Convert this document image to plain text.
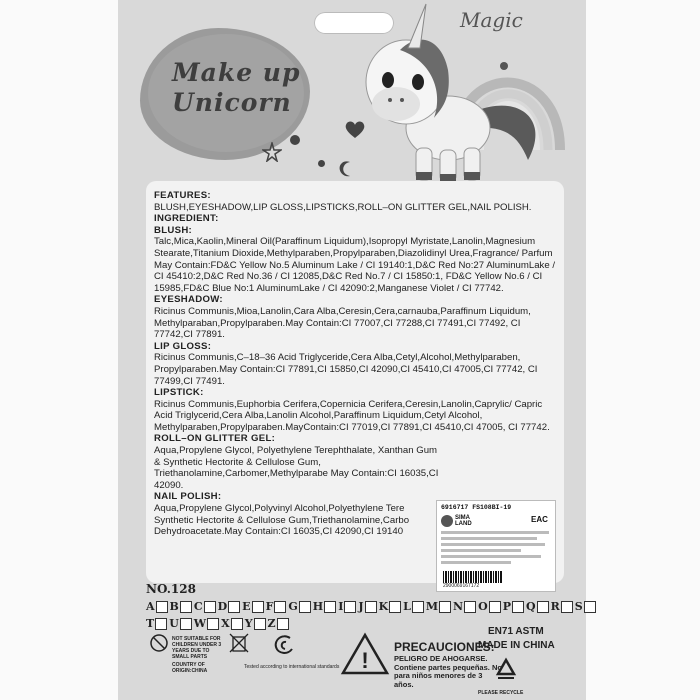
Make up
Unicorn
Magic
FEATURES:
BLUSH,EYESHADOW,LIP GLOSS,LIPSTICKS,ROLL–ON GLITTER GEL,NAIL POLISH.
INGREDIENT:
BLUSH:
Talc,Mica,Kaolin,Mineral Oil(Paraffinum Liquidum),Isopropyl Myristate,Lanolin,Magnesium Stearate,Titanium Dioxide,Methylparaben,Propylparaben,Diazolidinyl Urea,Fragrance/ Parfum May Contain:FD&C Yellow No.5 Aluminum Lake / CI 19140:1,D&C Red No:27 AluminumLake / CI 45410:2,D&C Red No.36 / CI 12085,D&C Red No.7 / CI 15850:1, FD&C Yellow No.6 / CI 15985,FD&C Blue No:1 AluminumLake / CI 42090:2,Manganese Violet / CI 77742.
EYESHADOW:
Ricinus Communis,Mioa,Lanolin,Cara Alba,Ceresin,Cera,carnauba,Paraffinum Liquidum, Methylparaban,Propylparaben.May Contain:CI 77007,CI 77288,CI 77491,CI 77492, CI 77742,CI 77891.
LIP GLOSS:
Ricinus Communis,C–18–36 Acid Triglyceride,Cera Alba,Cetyl,Alcohol,Methylparaben, Propylparaben.May Contain:CI 77891,CI 15850,CI 42090,CI 45410,CI 47005,CI 77742, CI 77499,CI 77491.
LIPSTICK:
Ricinus Communis,Euphorbia Cerifera,Copernicia Cerifera,Ceresin,Lanolin,Caprylic/ Capric Acid Triglycerid,Cera Alba,Lanolin Alcohol,Paraffinum Liquidum,Cetyl Alcohol, Methylparaben,Propylparaben.MayContain:CI 77019,CI 77891,CI 45410,CI 47005, CI 77742.
ROLL–ON GLITTER GEL:
Aqua,Propylene Glycol, Polyethylene Terephthalate, Xanthan Gum & Synthetic Hectorite & Cellulose Gum, Triethanolamine,Carbomer,Methylparabe May Contain:CI 16035,CI 42090.
NAIL POLISH:
Aqua,Propylene Glycol,Polyvinyl Alcohol,Polyethylene Tere Synthetic Hectorite & Cellulose Gum,Triethanolamine,Carbo Dehydroacetate.May Contain:CI 16035,CI 42090,CI 19140
6916717 FS108BI-19
SIMA
LAND	EAC
2900069167172
NO.128
A B C D E F G H I J K L M N O P Q R S
T U W X Y Z
NOT SUITABLE FOR CHILDREN UNDER 3 YEARS DUE TO SMALL PARTS
COUNTRY OF ORIGIN:CHINA
Tested according to international standards !
PRECAUCIONES:
PELIGRO DE AHOGARSE. Contiene partes pequeñas. No para niños menores de 3 años.
EN71 ASTM
MADE IN CHINA
PLEASE RECYCLE
